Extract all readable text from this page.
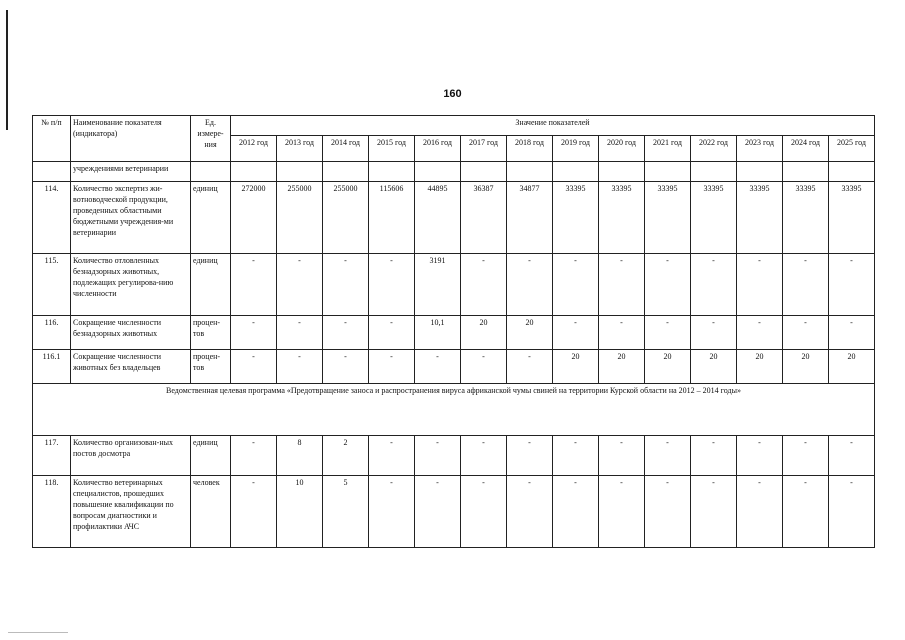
160
№ п/п	Наименование показателя (индикатора)	Ед. измере-ния	Значение показателей													
			2012 год	2013 год	2014 год	2015 год	2016 год	2017 год	2018 год	2019 год	2020 год	2021 год	2022 год	2023 год	2024 год	2025 год
	учреждениями ветеринарии															
114.	Количество экспертиз жи-вотноводческой продукции, проведенных областными бюджетными учреждения-ми ветеринарии	единиц	272000	255000	255000	115606	44895	36387	34877	33395	33395	33395	33395	33395	33395	33395
115.	Количество отловленных безнадзорных животных, подлежащих регулирова-нию численности	единиц	-	-	-	-	3191	-	-	-	-	-	-	-	-	-
116.	Сокращение численности безнадзорных животных	процен-тов	-	-	-	-	10,1	20	20	-	-	-	-	-	-	-
116.1	Сокращение численности животных без владельцев	процен-тов	-	-	-	-	-	-	-	20	20	20	20	20	20	20
Ведомственная целевая программа «Предотвращение заноса и распространения вируса африканской чумы свиней на территории Курской области на 2012 – 2014 годы»																
117.	Количество организован-ных постов досмотра	единиц	-	8	2	-	-	-	-	-	-	-	-	-	-	-
118.	Количество ветеринарных специалистов, прошедших повышение квалификации по вопросам диагностики и профилактики АЧС	человек	-	10	5	-	-	-	-	-	-	-	-	-	-	-
